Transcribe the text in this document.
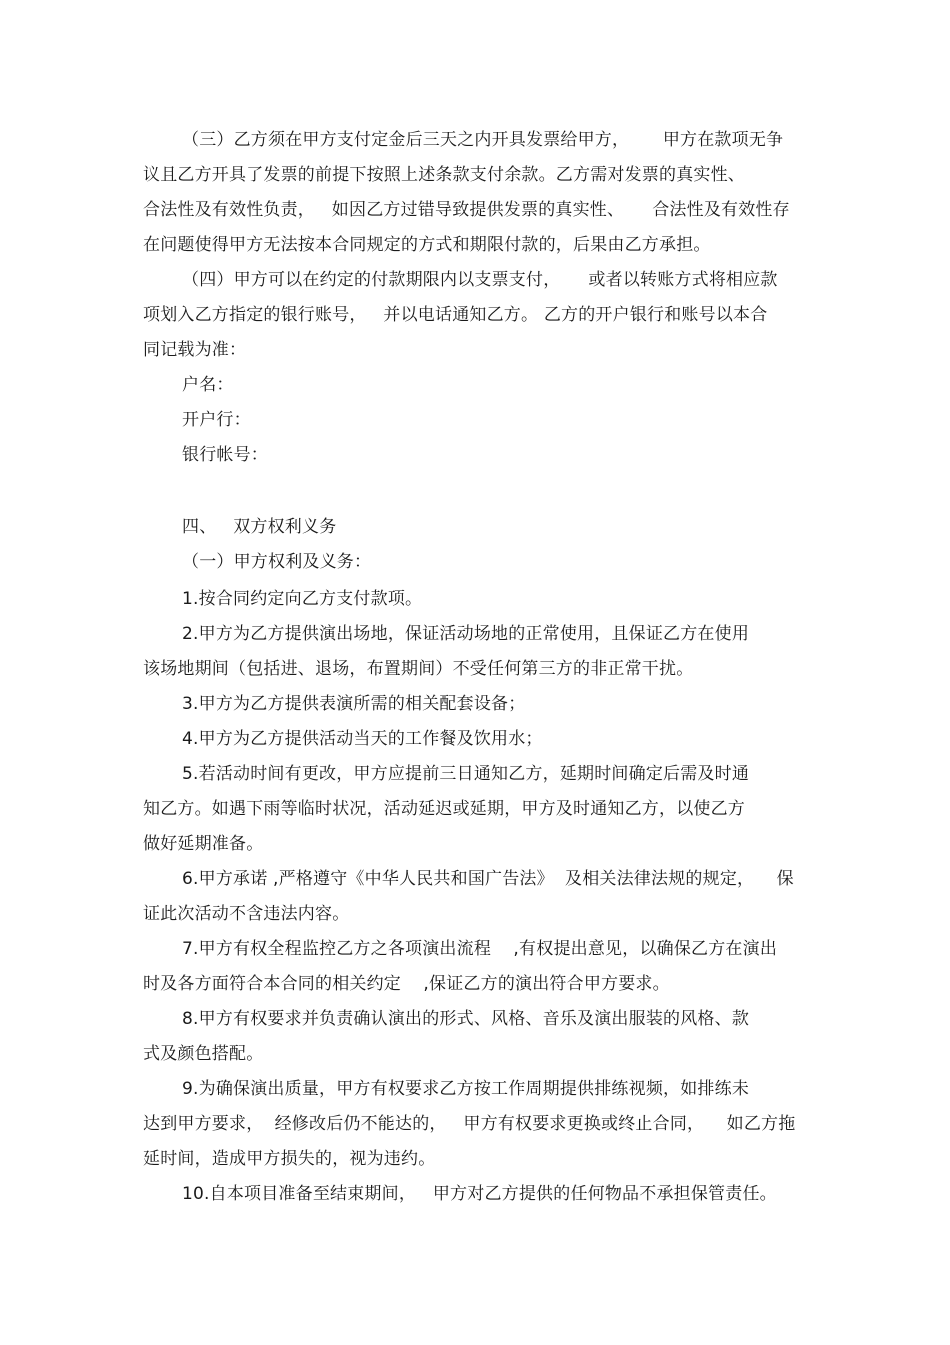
（三）乙方须在甲方支付定金后三天之内开具发票给甲方，      甲方在款项无争
议且乙方开具了发票的前提下按照上述条款支付余款。乙方需对发票的真实性、
合法性及有效性负责，   如因乙方过错导致提供发票的真实性、     合法性及有效性存
在问题使得甲方无法按本合同规定的方式和期限付款的，后果由乙方承担。
（四）甲方可以在约定的付款期限内以支票支付，     或者以转账方式将相应款
项划入乙方指定的银行账号，   并以电话通知乙方。 乙方的开户银行和账号以本合
同记载为准：
户名：
开户行：
银行帐号：
四、   双方权利义务
（一）甲方权利及义务：
1.按合同约定向乙方支付款项。
2.甲方为乙方提供演出场地，保证活动场地的正常使用，且保证乙方在使用
该场地期间（包括进、退场，布置期间）不受任何第三方的非正常干扰。
3.甲方为乙方提供表演所需的相关配套设备；
4.甲方为乙方提供活动当天的工作餐及饮用水；
5.若活动时间有更改，甲方应提前三日通知乙方，延期时间确定后需及时通
知乙方。如遇下雨等临时状况，活动延迟或延期，甲方及时通知乙方，以使乙方
做好延期准备。
6.甲方承诺 ,严格遵守《中华人民共和国广告法》  及相关法律法规的规定，    保
证此次活动不含违法内容。
7.甲方有权全程监控乙方之各项演出流程    ,有权提出意见，以确保乙方在演出
时及各方面符合本合同的相关约定    ,保证乙方的演出符合甲方要求。
8.甲方有权要求并负责确认演出的形式、风格、音乐及演出服装的风格、款
式及颜色搭配。
9.为确保演出质量，甲方有权要求乙方按工作周期提供排练视频，如排练未
达到甲方要求，  经修改后仍不能达的，   甲方有权要求更换或终止合同，    如乙方拖
延时间，造成甲方损失的，视为违约。
10.自本项目准备至结束期间，   甲方对乙方提供的任何物品不承担保管责任。
